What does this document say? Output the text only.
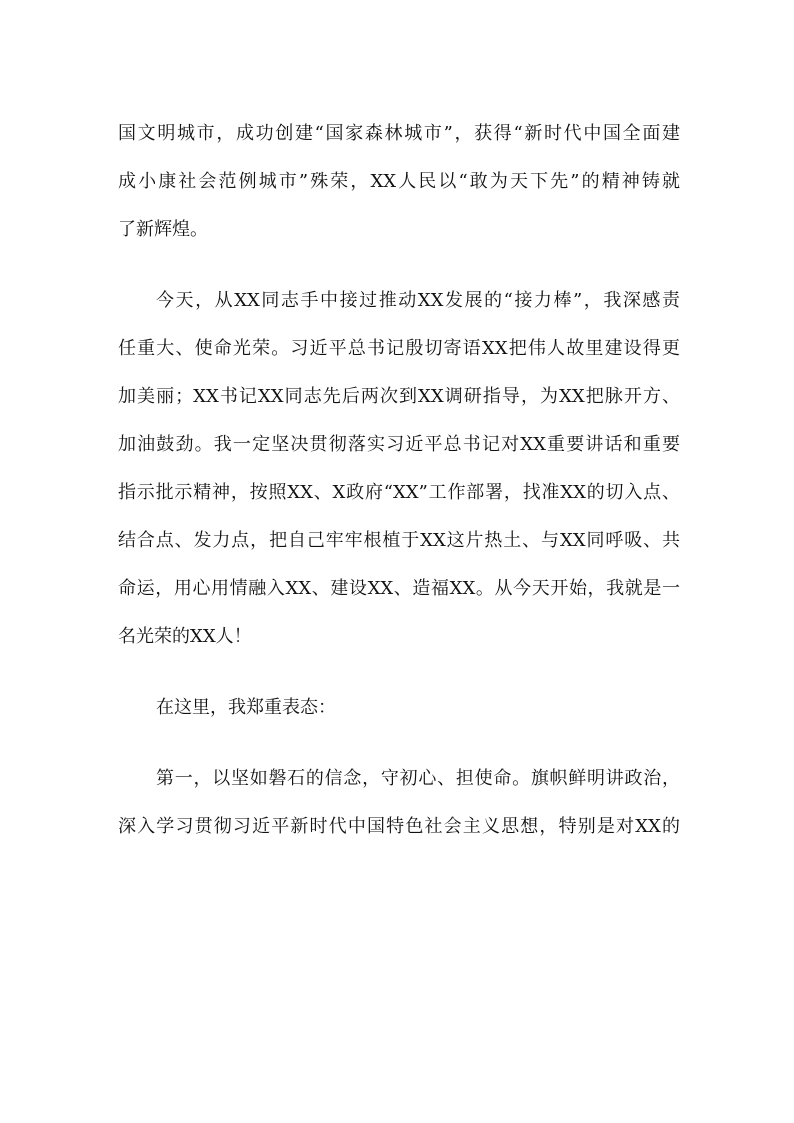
国文明城市，成功创建“国家森林城市”，获得“新时代中国全面建
成小康社会范例城市”殊荣，XX人民以“敢为天下先”的精神铸就
了新辉煌。
今天，从XX同志手中接过推动XX发展的“接力棒”，我深感责
任重大、使命光荣。习近平总书记殷切寄语XX把伟人故里建设得更
加美丽；XX书记XX同志先后两次到XX调研指导，为XX把脉开方、
加油鼓劲。我一定坚决贯彻落实习近平总书记对XX重要讲话和重要
指示批示精神，按照XX、X政府“XX”工作部署，找准XX的切入点、
结合点、发力点，把自己牢牢根植于XX这片热土、与XX同呼吸、共
命运，用心用情融入XX、建设XX、造福XX。从今天开始，我就是一
名光荣的XX人！
在这里，我郑重表态：
第一，以坚如磐石的信念，守初心、担使命。旗帜鲜明讲政治，
深入学习贯彻习近平新时代中国特色社会主义思想，特别是对XX的
